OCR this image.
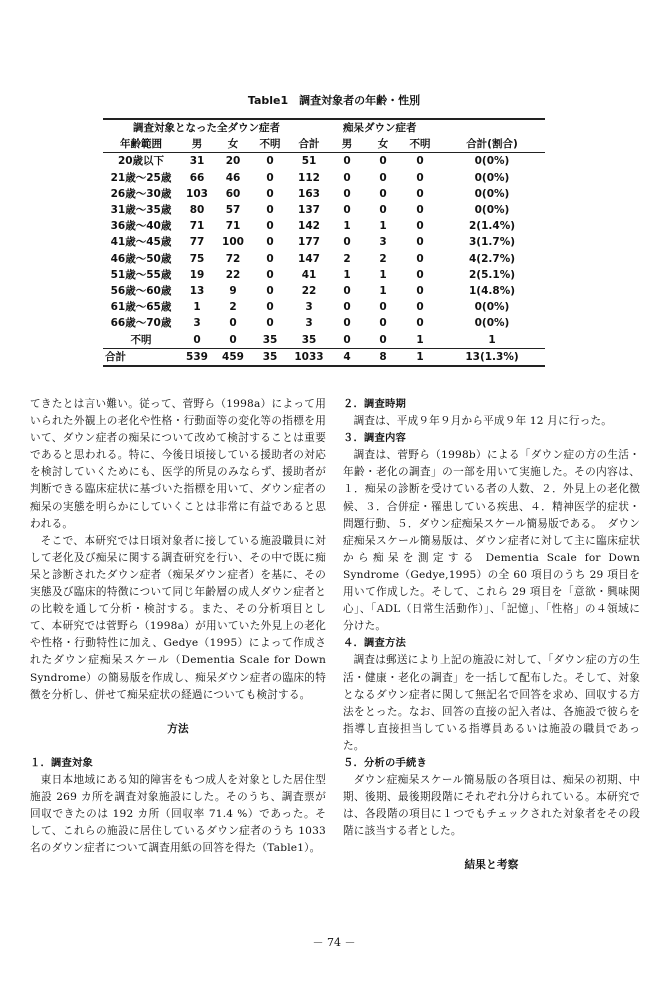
Table1　調査対象者の年齢・性別
調査対象となった全ダウン症者					痴呆ダウン症者			
年齢範囲	男	女	不明	合計	男	女	不明	合計(割合)
20歳以下	31	20	0	51	0	0	0	0(0%)
21歳～25歳	66	46	0	112	0	0	0	0(0%)
26歳～30歳	103	60	0	163	0	0	0	0(0%)
31歳～35歳	80	57	0	137	0	0	0	0(0%)
36歳～40歳	71	71	0	142	1	1	0	2(1.4%)
41歳～45歳	77	100	0	177	0	3	0	3(1.7%)
46歳～50歳	75	72	0	147	2	2	0	4(2.7%)
51歳～55歳	19	22	0	41	1	1	0	2(5.1%)
56歳～60歳	13	9	0	22	0	1	0	1(4.8%)
61歳～65歳	1	2	0	3	0	0	0	0(0%)
66歳～70歳	3	0	0	3	0	0	0	0(0%)
不明	0	0	35	35	0	0	1	1
合計	539	459	35	1033	4	8	1	13(1.3%)

てきたとは言い難い。従って、菅野ら（1998a）によって用いられた外観上の老化や性格・行動面等の変化等の指標を用いて、ダウン症者の痴呆について改めて検討することは重要であると思われる。特に、今後日頃接している援助者の対応を検討していくためにも、医学的所見のみならず、援助者が判断できる臨床症状に基づいた指標を用いて、ダウン症者の痴呆の実態を明らかにしていくことは非常に有益であると思われる。

そこで、本研究では日頃対象者に接している施設職員に対して老化及び痴呆に関する調査研究を行い、その中で既に痴呆と診断されたダウン症者（痴呆ダウン症者）を基に、その実態及び臨床的特徴について同じ年齢層の成人ダウン症者との比較を通して分析・検討する。また、その分析項目として、本研究では菅野ら（1998a）が用いていた外見上の老化や性格・行動特性に加え、Gedye（1995）によって作成されたダウン症痴呆スケール（Dementia Scale for Down Syndrome）の簡易版を作成し、痴呆ダウン症者の臨床的特徴を分析し、併せて痴呆症状の経過についても検討する。

方法
１．調査対象

東日本地域にある知的障害をもつ成人を対象とした居住型施設 269 カ所を調査対象施設にした。そのうち、調査票が回収できたのは 192 カ所（回収率 71.4 %）であった。そして、これらの施設に居住しているダウン症者のうち 1033 名のダウン症者について調査用紙の回答を得た（Table1）。

２．調査時期

調査は、平成９年９月から平成９年 12 月に行った。

３．調査内容

調査は、菅野ら（1998b）による「ダウン症の方の生活・年齢・老化の調査」の一部を用いて実施した。その内容は、１．痴呆の診断を受けている者の人数、２．外見上の老化徴候、３．合併症・罹患している疾患、４．精神医学的症状・問題行動、５．ダウン症痴呆スケール簡易版である。　ダウン症痴呆スケール簡易版は、ダウン症者に対して主に臨床症状から痴呆を測定する Dementia Scale for Down Syndrome（Gedye,1995）の全 60 項目のうち 29 項目を用いて作成した。そして、これら 29 項目を「意欲・興味関心」、「ADL（日常生活動作）」、「記憶」、「性格」の４領域に分けた。

４．調査方法

調査は郵送により上記の施設に対して、「ダウン症の方の生活・健康・老化の調査」を一括して配布した。そして、対象となるダウン症者に関して無記名で回答を求め、回収する方法をとった。なお、回答の直接の記入者は、各施設で彼らを指導し直接担当している指導員あるいは施設の職員であった。

５．分析の手続き

ダウン症痴呆スケール簡易版の各項目は、痴呆の初期、中期、後期、最後期段階にそれぞれ分けられている。本研究では、各段階の項目に１つでもチェックされた対象者をその段階に該当する者とした。

結果と考察
－ 74 －
